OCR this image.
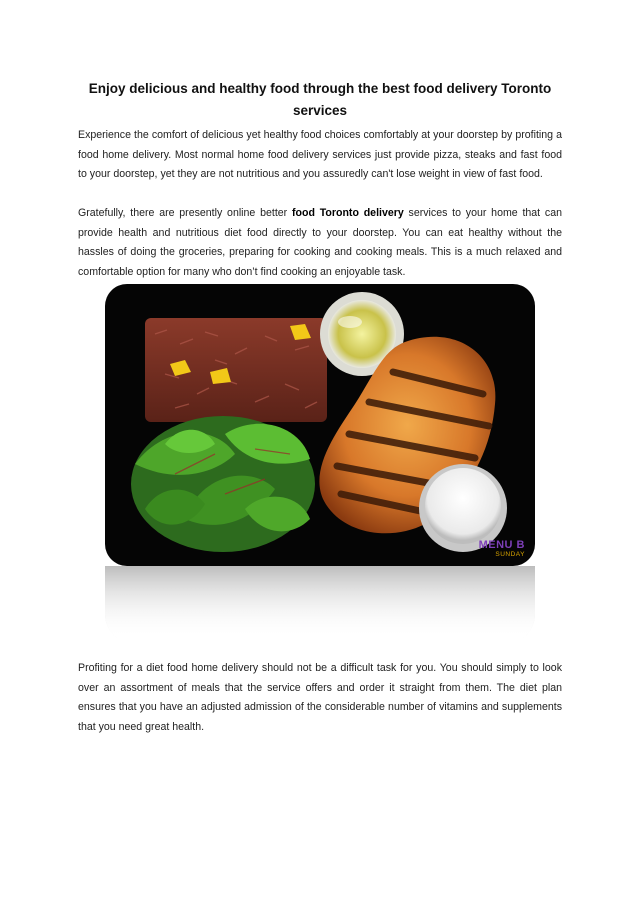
Enjoy delicious and healthy food through the best food delivery Toronto services
Experience the comfort of delicious yet healthy food choices comfortably at your doorstep by profiting a food home delivery. Most normal home food delivery services just provide pizza, steaks and fast food to your doorstep, yet they are not nutritious and you assuredly can't lose weight in view of fast food.
Gratefully, there are presently online better food Toronto delivery services to your home that can provide health and nutritious diet food directly to your doorstep. You can eat healthy without the hassles of doing the groceries, preparing for cooking and cooking meals. This is a much relaxed and comfortable option for many who don’t find cooking an enjoyable task.
MENU B
SUNDAY
Profiting for a diet food home delivery should not be a difficult task for you. You should simply to look over an assortment of meals that the service offers and order it straight from them. The diet plan ensures that you have an adjusted admission of the considerable number of vitamins and supplements that you need great health.
